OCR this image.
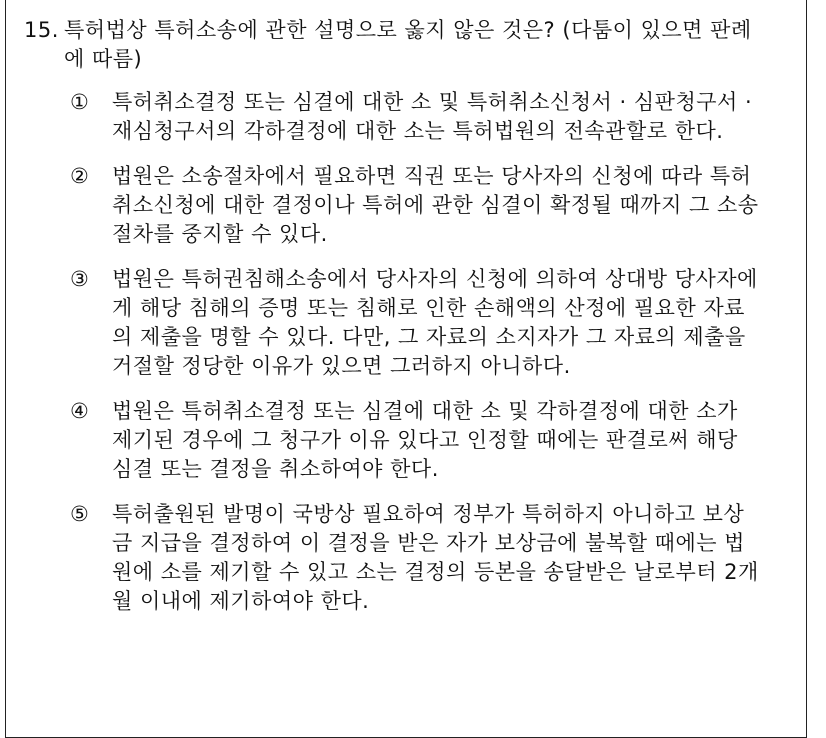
15. 특허법상 특허소송에 관한 설명으로 옳지 않은 것은? (다툼이 있으면 판례에 따름)
① 특허취소결정 또는 심결에 대한 소 및 특허취소신청서 · 심판청구서 · 재심청구서의 각하결정에 대한 소는 특허법원의 전속관할로 한다.
② 법원은 소송절차에서 필요하면 직권 또는 당사자의 신청에 따라 특허취소신청에 대한 결정이나 특허에 관한 심결이 확정될 때까지 그 소송절차를 중지할 수 있다.
③ 법원은 특허권침해소송에서 당사자의 신청에 의하여 상대방 당사자에게 해당 침해의 증명 또는 침해로 인한 손해액의 산정에 필요한 자료의 제출을 명할 수 있다. 다만, 그 자료의 소지자가 그 자료의 제출을 거절할 정당한 이유가 있으면 그러하지 아니하다.
④ 법원은 특허취소결정 또는 심결에 대한 소 및 각하결정에 대한 소가 제기된 경우에 그 청구가 이유 있다고 인정할 때에는 판결로써 해당 심결 또는 결정을 취소하여야 한다.
⑤ 특허출원된 발명이 국방상 필요하여 정부가 특허하지 아니하고 보상금 지급을 결정하여 이 결정을 받은 자가 보상금에 불복할 때에는 법원에 소를 제기할 수 있고 소는 결정의 등본을 송달받은 날로부터 2개월 이내에 제기하여야 한다.
